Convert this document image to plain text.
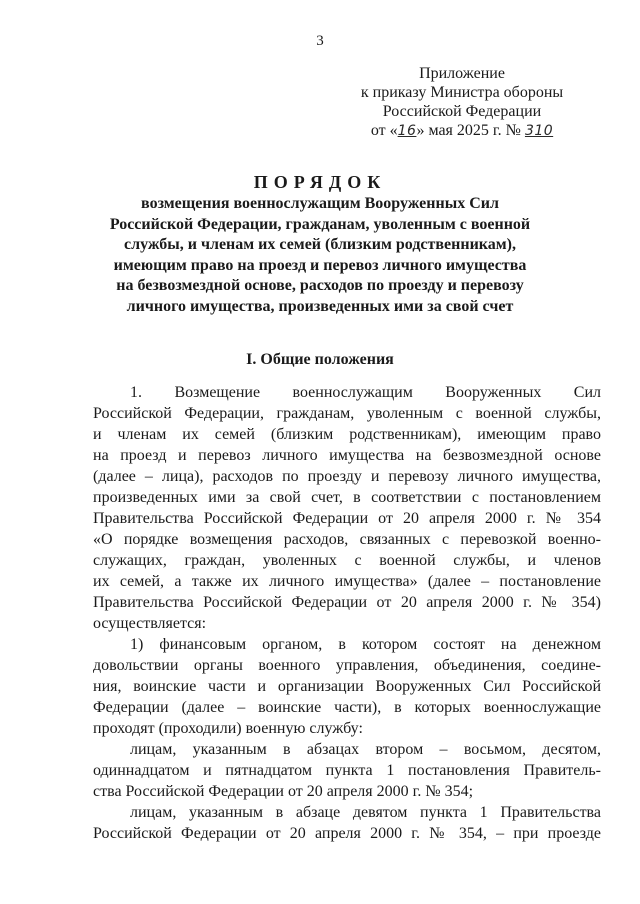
3
Приложение
к приказу Министра обороны
Российской Федерации
от «16» мая 2025 г. № 310
ПОРЯДОК
возмещения военнослужащим Вооруженных Сил
Российской Федерации, гражданам, уволенным с военной
службы, и членам их семей (близким родственникам),
имеющим право на проезд и перевоз личного имущества
на безвозмездной основе, расходов по проезду и перевозу
личного имущества, произведенных ими за свой счет
I. Общие положения
1. Возмещение военнослужащим Вооруженных Сил
Российской Федерации, гражданам, уволенным с военной службы,
и членам их семей (близким родственникам), имеющим право
на проезд и перевоз личного имущества на безвозмездной основе
(далее – лица), расходов по проезду и перевозу личного имущества,
произведенных ими за свой счет, в соответствии с постановлением
Правительства Российской Федерации от 20 апреля 2000 г. № 354
«О порядке возмещения расходов, связанных с перевозкой военно-
служащих, граждан, уволенных с военной службы, и членов
их семей, а также их личного имущества» (далее – постановление
Правительства Российской Федерации от 20 апреля 2000 г. № 354)
осуществляется:
1) финансовым органом, в котором состоят на денежном
довольствии органы военного управления, объединения, соедине-
ния, воинские части и организации Вооруженных Сил Российской
Федерации (далее – воинские части), в которых военнослужащие
проходят (проходили) военную службу:
лицам, указанным в абзацах втором – восьмом, десятом,
одиннадцатом и пятнадцатом пункта 1 постановления Правитель-
ства Российской Федерации от 20 апреля 2000 г. № 354;
лицам, указанным в абзаце девятом пункта 1 Правительства
Российской Федерации от 20 апреля 2000 г. № 354, – при проезде
